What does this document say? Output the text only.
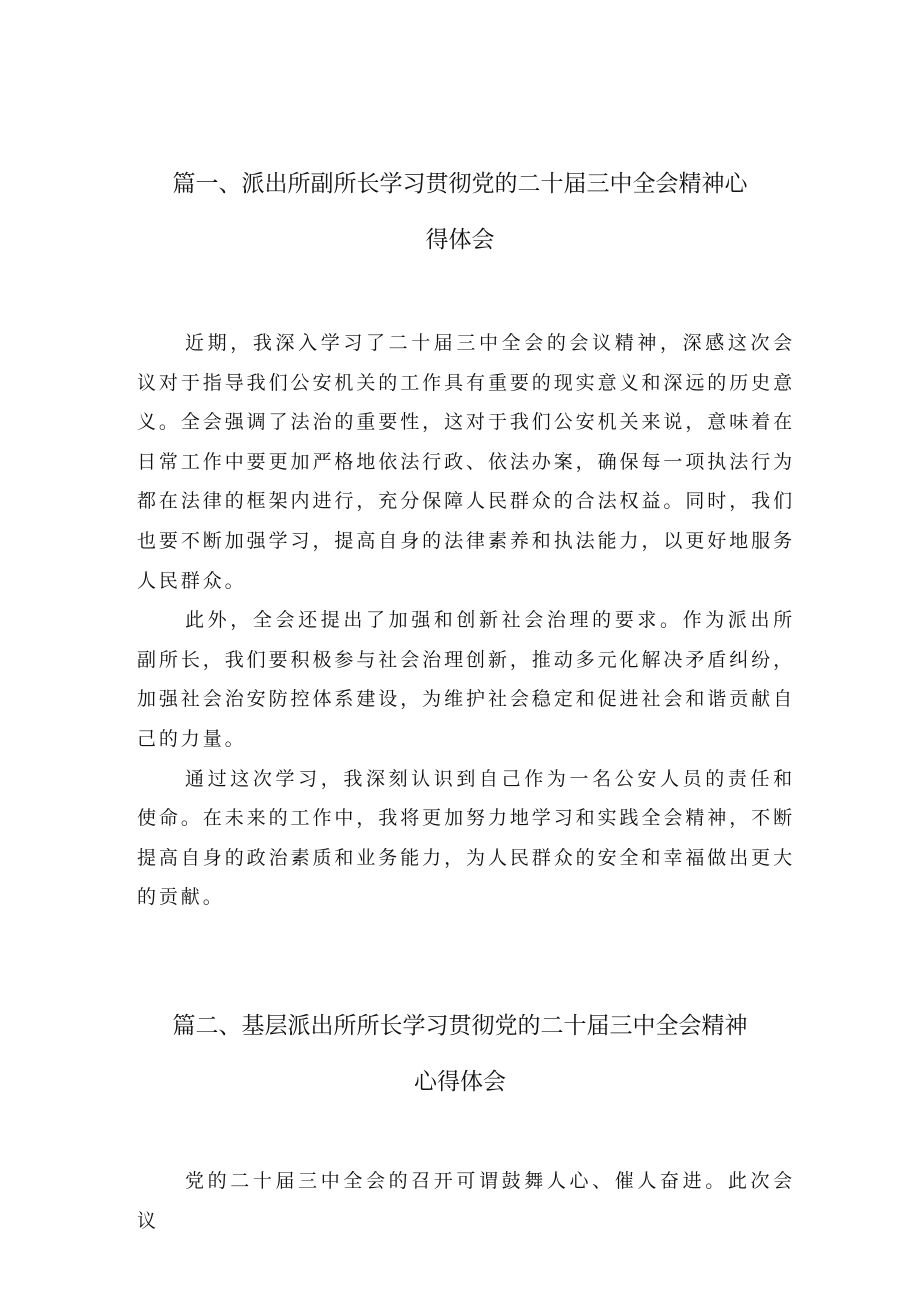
篇一、派出所副所长学习贯彻党的二十届三中全会精神心
得体会

近期，我深入学习了二十届三中全会的会议精神，深感这次会议对于指导我们公安机关的工作具有重要的现实意义和深远的历史意义。全会强调了法治的重要性，这对于我们公安机关来说，意味着在日常工作中要更加严格地依法行政、依法办案，确保每一项执法行为都在法律的框架内进行，充分保障人民群众的合法权益。同时，我们也要不断加强学习，提高自身的法律素养和执法能力，以更好地服务人民群众。

此外，全会还提出了加强和创新社会治理的要求。作为派出所副所长，我们要积极参与社会治理创新，推动多元化解决矛盾纠纷，加强社会治安防控体系建设，为维护社会稳定和促进社会和谐贡献自己的力量。

通过这次学习，我深刻认识到自己作为一名公安人员的责任和使命。在未来的工作中，我将更加努力地学习和实践全会精神，不断提高自身的政治素质和业务能力，为人民群众的安全和幸福做出更大的贡献。

篇二、基层派出所所长学习贯彻党的二十届三中全会精神
心得体会

党的二十届三中全会的召开可谓鼓舞人心、催人奋进。此次会议
